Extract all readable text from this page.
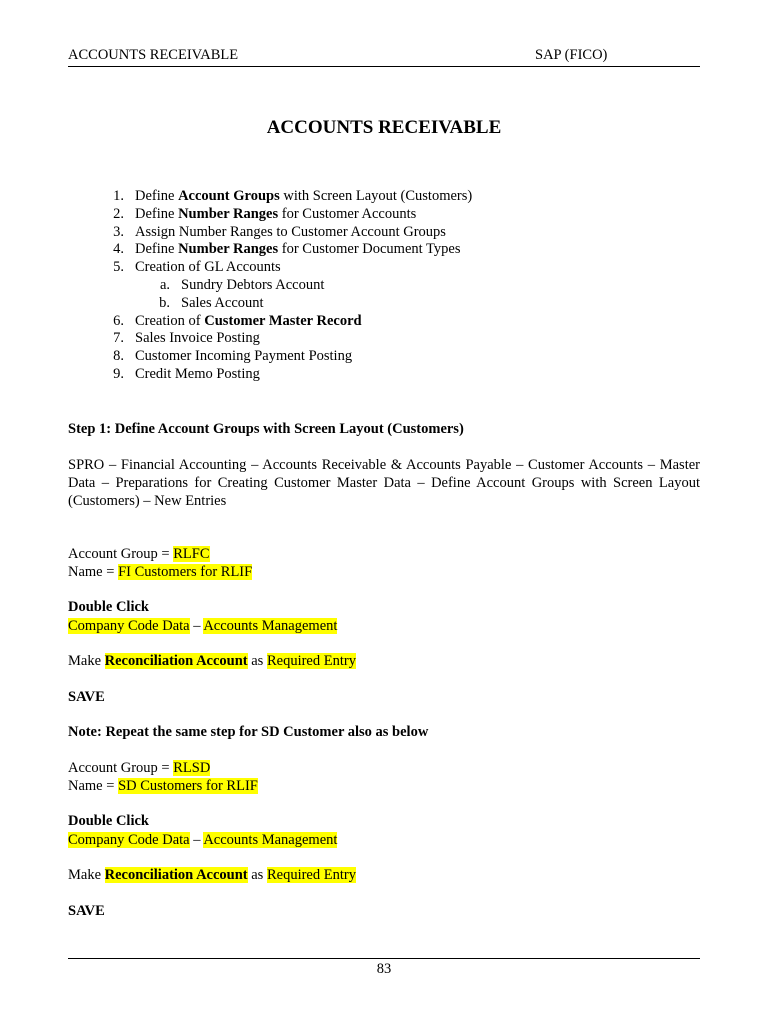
ACCOUNTS RECEIVABLE	SAP (FICO)
ACCOUNTS RECEIVABLE
1. Define Account Groups with Screen Layout (Customers)
2. Define Number Ranges for Customer Accounts
3. Assign Number Ranges to Customer Account Groups
4. Define Number Ranges for Customer Document Types
5. Creation of GL Accounts
a. Sundry Debtors Account
b. Sales Account
6. Creation of Customer Master Record
7. Sales Invoice Posting
8. Customer Incoming Payment Posting
9. Credit Memo Posting
Step 1: Define Account Groups with Screen Layout (Customers)
SPRO – Financial Accounting – Accounts Receivable & Accounts Payable – Customer Accounts – Master Data – Preparations for Creating Customer Master Data – Define Account Groups with Screen Layout (Customers) – New Entries
Account Group = RLFC
Name = FI Customers for RLIF
Double Click
Company Code Data – Accounts Management
Make Reconciliation Account as Required Entry
SAVE
Note: Repeat the same step for SD Customer also as below
Account Group = RLSD
Name = SD Customers for RLIF
Double Click
Company Code Data – Accounts Management
Make Reconciliation Account as Required Entry
SAVE
83
